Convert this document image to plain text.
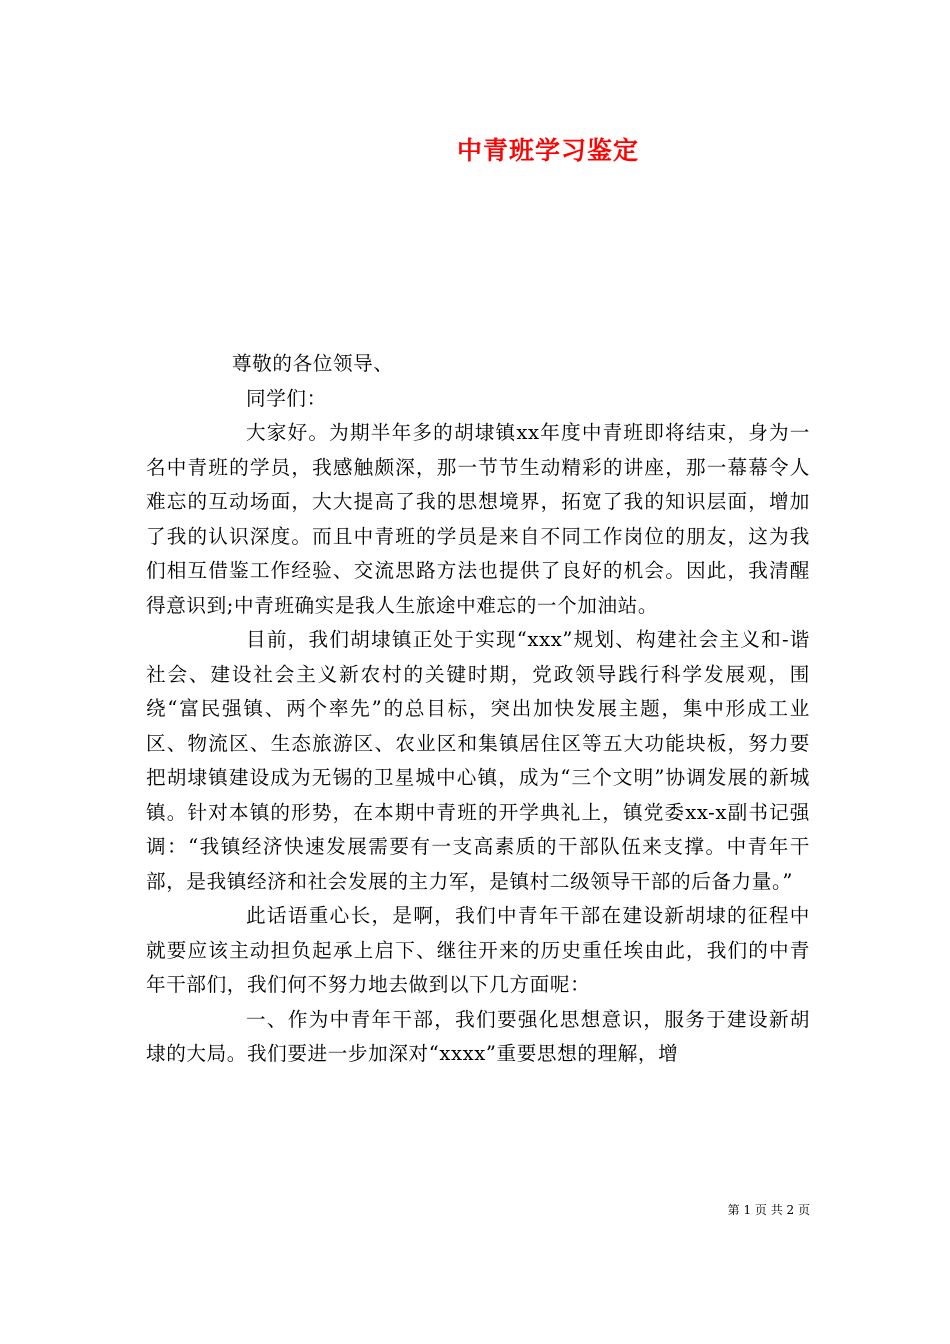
中青班学习鉴定

尊敬的各位领导、

同学们：

大家好。为期半年多的胡埭镇xx年度中青班即将结束，身为一名中青班的学员，我感触颇深，那一节节生动精彩的讲座，那一幕幕令人难忘的互动场面，大大提高了我的思想境界，拓宽了我的知识层面，增加了我的认识深度。而且中青班的学员是来自不同工作岗位的朋友，这为我们相互借鉴工作经验、交流思路方法也提供了良好的机会。因此，我清醒得意识到;中青班确实是我人生旅途中难忘的一个加油站。

目前，我们胡埭镇正处于实现“xxx”规划、构建社会主义和-谐社会、建设社会主义新农村的关键时期，党政领导践行科学发展观，围绕“富民强镇、两个率先”的总目标，突出加快发展主题，集中形成工业区、物流区、生态旅游区、农业区和集镇居住区等五大功能块板，努力要把胡埭镇建设成为无锡的卫星城中心镇，成为“三个文明”协调发展的新城镇。针对本镇的形势，在本期中青班的开学典礼上，镇党委xx-x副书记强调：“我镇经济快速发展需要有一支高素质的干部队伍来支撑。中青年干部，是我镇经济和社会发展的主力军，是镇村二级领导干部的后备力量。”

此话语重心长，是啊，我们中青年干部在建设新胡埭的征程中就要应该主动担负起承上启下、继往开来的历史重任埃由此，我们的中青年干部们，我们何不努力地去做到以下几方面呢：

一、作为中青年干部，我们要强化思想意识，服务于建设新胡埭的大局。我们要进一步加深对“xxxx”重要思想的理解，增

第 1 页 共 2 页
